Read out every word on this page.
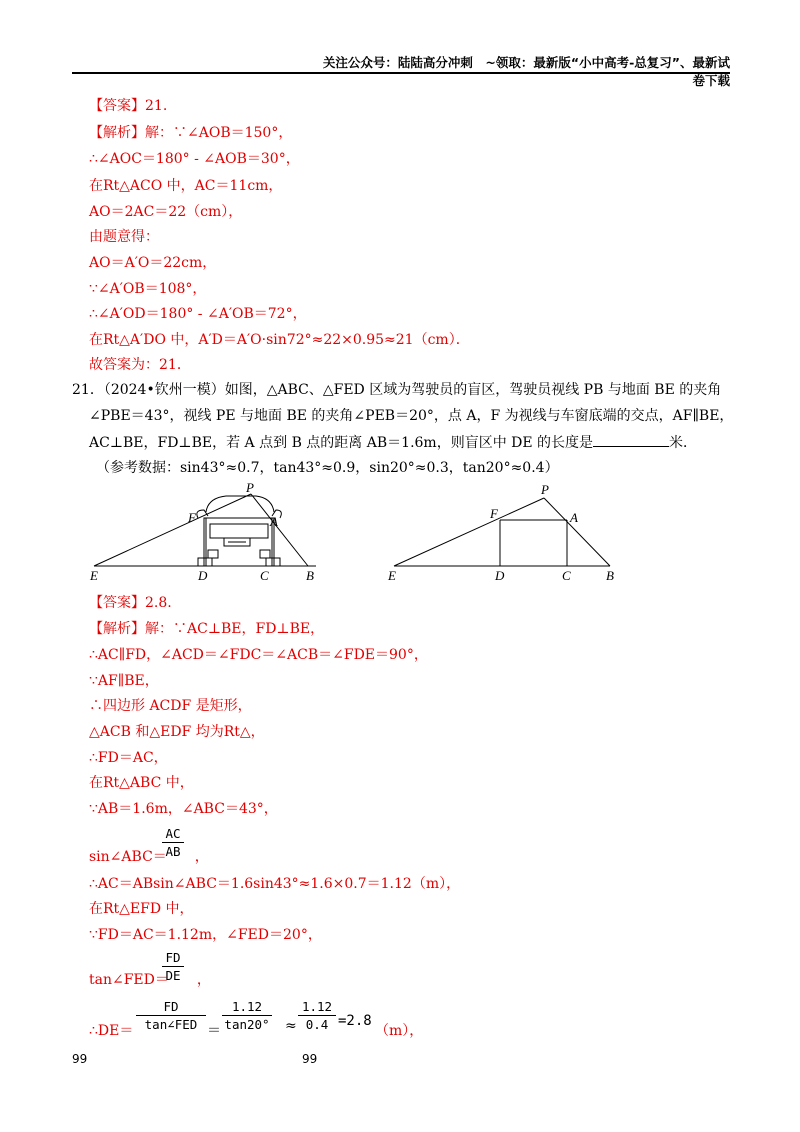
关注公众号：陆陆高分冲刺　~领取：最新版“小中高考-总复习”、最新试卷下载
【答案】21.
【解析】解：∵∠AOB＝150°，
∴∠AOC＝180° - ∠AOB＝30°，
在Rt△ACO 中，AC＝11cm，
AO＝2AC＝22（cm），
由题意得：
AO＝A′O＝22cm，
∵∠A′OB＝108°，
∴∠A′OD＝180° - ∠A′OB＝72°，
在Rt△A′DO 中，A′D＝A′O·sin72°≈22×0.95≈21（cm）．
故答案为：21．
21．（2024•钦州一模）如图，△ABC、△FED 区域为驾驶员的盲区，驾驶员视线 PB 与地面 BE 的夹角
∠PBE＝43°，视线 PE 与地面 BE 的夹角∠PEB＝20°，点 A，F 为视线与车窗底端的交点，AF∥BE，
AC⊥BE，FD⊥BE，若 A 点到 B 点的距离 AB＝1.6m，则盲区中 DE 的长度是	米．
（参考数据：sin43°≈0.7，tan43°≈0.9，sin20°≈0.3，tan20°≈0.4）
P
F	A
E	D	C	B
P
F	A
E	D	C	B
【答案】2.8.
【解析】解：∵AC⊥BE，FD⊥BE，
∴AC∥FD，∠ACD＝∠FDC＝∠ACB＝∠FDE＝90°，
∵AF∥BE，
∴四边形 ACDF 是矩形，
△ACB 和△EDF 均为Rt△，
∴FD＝AC，
在Rt△ABC 中，
∵AB＝1.6m，∠ABC＝43°，
AC
AB
sin∠ABC＝ ，
∴AC＝ABsin∠ABC＝1.6sin43°≈1.6×0.7＝1.12（m），
在Rt△EFD 中，
∵FD＝AC＝1.12m，∠FED＝20°，
FD
DE
tan∠FED＝ ，
∴DE＝
FD
tan∠FED ＝
1.12
tan20° ≈
1.12
0.4 =2.8
（m），
99	99
